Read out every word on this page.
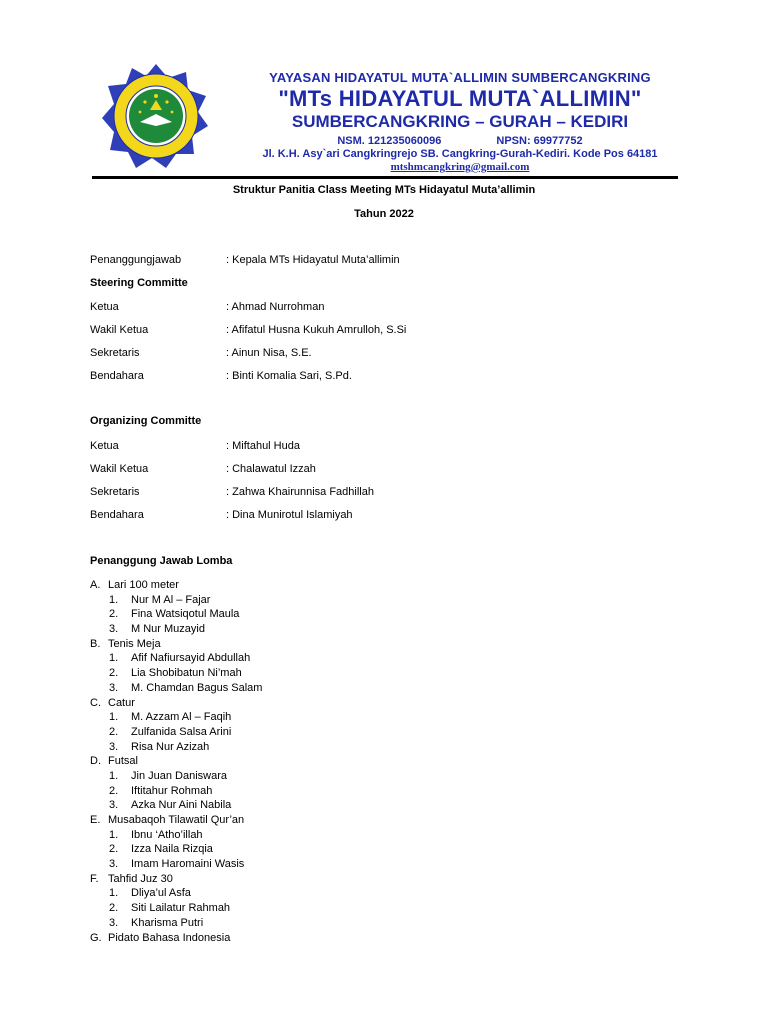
YAYASAN HIDAYATUL MUTA`ALLIMIN SUMBERCANGKRING
"MTs HIDAYATUL MUTA`ALLIMIN"
SUMBERCANGKRING – GURAH – KEDIRI
NSM. 121235060096	NPSN: 69977752
Jl. K.H. Asy`ari Cangkringrejo SB. Cangkring-Gurah-Kediri. Kode Pos 64181
mtshmcangkring@gmail.com
Struktur Panitia Class Meeting MTs Hidayatul Muta’allimin
Tahun 2022
Penanggungjawab	: Kepala MTs Hidayatul Muta’allimin
Steering Committe
Ketua	: Ahmad Nurrohman
Wakil Ketua	: Afifatul Husna Kukuh Amrulloh, S.Si
Sekretaris	: Ainun Nisa, S.E.
Bendahara	: Binti Komalia Sari, S.Pd.
Organizing Committe
Ketua	: Miftahul Huda
Wakil Ketua	: Chalawatul Izzah
Sekretaris	: Zahwa Khairunnisa Fadhillah
Bendahara	: Dina Munirotul Islamiyah
Penanggung Jawab Lomba
A. Lari 100 meter
1. Nur M Al – Fajar
2. Fina Watsiqotul Maula
3. M Nur Muzayid
B. Tenis Meja
1. Afif Nafiursayid Abdullah
2. Lia Shobibatun Ni’mah
3. M. Chamdan Bagus Salam
C. Catur
1. M. Azzam Al – Faqih
2. Zulfanida Salsa Arini
3. Risa Nur Azizah
D. Futsal
1. Jin Juan Daniswara
2. Iftitahur Rohmah
3. Azka Nur Aini Nabila
E. Musabaqoh Tilawatil Qur’an
1. Ibnu ‘Atho’illah
2. Izza Naila Rizqia
3. Imam Haromaini Wasis
F. Tahfid Juz 30
1. Dliya’ul Asfa
2. Siti Lailatur Rahmah
3. Kharisma Putri
G. Pidato Bahasa Indonesia
